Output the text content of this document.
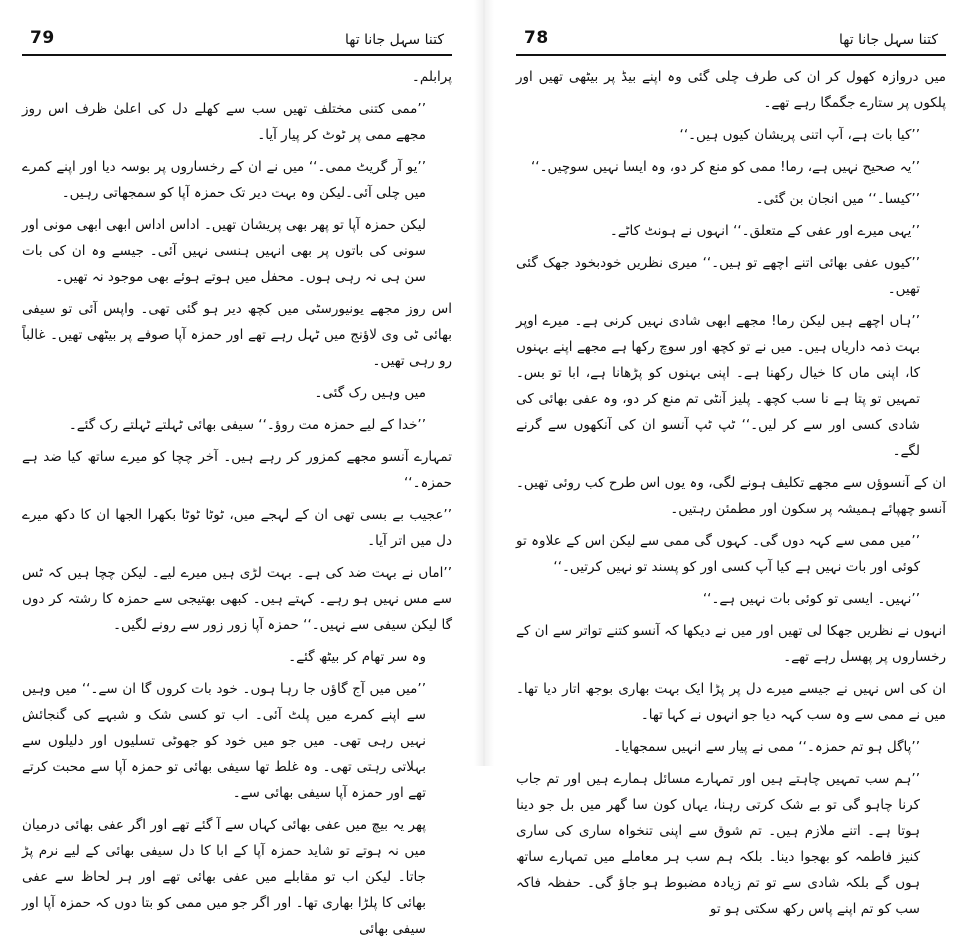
79	کتنا سہل جانا تھا

پرابلم۔

’’ممی کتنی مختلف تھیں سب سے کھلے دل کی اعلیٰ ظرف اس روز مجھے ممی پر ٹوٹ کر پیار آیا۔

’’یو آر گریٹ ممی۔‘‘ میں نے ان کے رخساروں پر بوسہ دیا اور اپنے کمرے میں چلی آئی۔لیکن وہ بہت دیر تک حمزہ آپا کو سمجھاتی رہیں۔

لیکن حمزہ آپا تو پھر بھی پریشان تھیں۔ اداس اداس ابھی ابھی مونی اور سونی کی باتوں پر بھی انہیں ہنسی نہیں آئی۔ جیسے وہ ان کی بات سن ہی نہ رہی ہوں۔ محفل میں ہوتے ہوئے بھی موجود نہ تھیں۔

اس روز مجھے یونیورسٹی میں کچھ دیر ہو گئی تھی۔ واپس آئی تو سیفی بھائی ٹی وی لاؤنج میں ٹہل رہے تھے اور حمزہ آپا صوفے پر بیٹھی تھیں۔ غالباً رو رہی تھیں۔

میں وہیں رک گئی۔

’’خدا کے لیے حمزہ مت روؤ۔‘‘ سیفی بھائی ٹہلتے ٹہلتے رک گئے۔

تمہارے آنسو مجھے کمزور کر رہے ہیں۔ آخر چچا کو میرے ساتھ کیا ضد ہے حمزہ۔‘‘

’’عجیب بے بسی تھی ان کے لہجے میں، ٹوٹا ٹوٹا بکھرا الجھا ان کا دکھ میرے دل میں اتر آیا۔

’’اماں نے بہت ضد کی ہے۔ بہت لڑی ہیں میرے لیے۔ لیکن چچا ہیں کہ ٹس سے مس نہیں ہو رہے۔ کہتے ہیں۔ کبھی بھتیجی سے حمزہ کا رشتہ کر دوں گا لیکن سیفی سے نہیں۔‘‘ حمزہ آپا زور زور سے رونے لگیں۔

وہ سر تھام کر بیٹھ گئے۔

’’میں میں آج گاؤں جا رہا ہوں۔ خود بات کروں گا ان سے۔‘‘ میں وہیں سے اپنے کمرے میں پلٹ آئی۔ اب تو کسی شک و شبہے کی گنجائش نہیں رہی تھی۔ میں جو میں خود کو جھوٹی تسلیوں اور دلیلوں سے بہلاتی رہتی تھی۔ وہ غلط تھا سیفی بھائی تو حمزہ آپا سے محبت کرتے تھے اور حمزہ آپا سیفی بھائی سے۔

پھر یہ بیچ میں عفی بھائی کہاں سے آ گئے تھے اور اگر عفی بھائی درمیان میں نہ ہوتے تو شاید حمزہ آپا کے ابا کا دل سیفی بھائی کے لیے نرم پڑ جاتا۔ لیکن اب تو مقابلے میں عفی بھائی تھے اور ہر لحاظ سے عفی بھائی کا پلڑا بھاری تھا۔ اور اگر جو میں ممی کو بتا دوں کہ حمزہ آپا اور سیفی بھائی

78	کتنا سہل جانا تھا

میں دروازہ کھول کر ان کی طرف چلی گئی وہ اپنے بیڈ پر بیٹھی تھیں اور پلکوں پر ستارے جگمگا رہے تھے۔

’’کیا بات ہے، آپ اتنی پریشان کیوں ہیں۔‘‘

’’یہ صحیح نہیں ہے، رما! ممی کو منع کر دو، وہ ایسا نہیں سوچیں۔‘‘

’’کیسا۔‘‘ میں انجان بن گئی۔

’’یہی میرے اور عفی کے متعلق۔‘‘ انہوں نے ہونٹ کاٹے۔

’’کیوں عفی بھائی اتنے اچھے تو ہیں۔‘‘ میری نظریں خودبخود جھک گئی تھیں۔

’’ہاں اچھے ہیں لیکن رما! مجھے ابھی شادی نہیں کرنی ہے۔ میرے اوپر بہت ذمہ داریاں ہیں۔ میں نے تو کچھ اور سوچ رکھا ہے مجھے اپنے بہنوں کا، اپنی ماں کا خیال رکھنا ہے۔ اپنی بہنوں کو پڑھانا ہے، ابا تو بس۔ تمہیں تو پتا ہے نا سب کچھ۔ پلیز آنٹی تم منع کر دو، وہ عفی بھائی کی شادی کسی اور سے کر لیں۔‘‘ ٹپ ٹپ آنسو ان کی آنکھوں سے گرنے لگے۔

ان کے آنسوؤں سے مجھے تکلیف ہونے لگی، وہ یوں اس طرح کب روئی تھیں۔ آنسو چھپائے ہمیشہ پر سکون اور مطمئن رہتیں۔

’’میں ممی سے کہہ دوں گی۔ کہوں گی ممی سے لیکن اس کے علاوہ تو کوئی اور بات نہیں ہے کیا آپ کسی اور کو پسند تو نہیں کرتیں۔‘‘

’’نہیں۔ ایسی تو کوئی بات نہیں ہے۔‘‘

انہوں نے نظریں جھکا لی تھیں اور میں نے دیکھا کہ آنسو کتنے تواتر سے ان کے رخساروں پر پھسل رہے تھے۔

ان کی اس نہیں نے جیسے میرے دل پر پڑا ایک بہت بھاری بوجھ اتار دیا تھا۔ میں نے ممی سے وہ سب کہہ دیا جو انہوں نے کہا تھا۔

’’پاگل ہو تم حمزہ۔‘‘ ممی نے پیار سے انہیں سمجھایا۔

’’ہم سب تمہیں چاہتے ہیں اور تمہارے مسائل ہمارے ہیں اور تم جاب کرنا چاہو گی تو بے شک کرتی رہنا، یہاں کون سا گھر میں بل جو دینا ہوتا ہے۔ اتنے ملازم ہیں۔ تم شوق سے اپنی تنخواہ ساری کی ساری کنیز فاطمہ کو بھجوا دینا۔ بلکہ ہم سب ہر معاملے میں تمہارے ساتھ ہوں گے بلکہ شادی سے تو تم زیادہ مضبوط ہو جاؤ گی۔ حفظہ فاکہ سب کو تم اپنے پاس رکھ سکتی ہو تو
